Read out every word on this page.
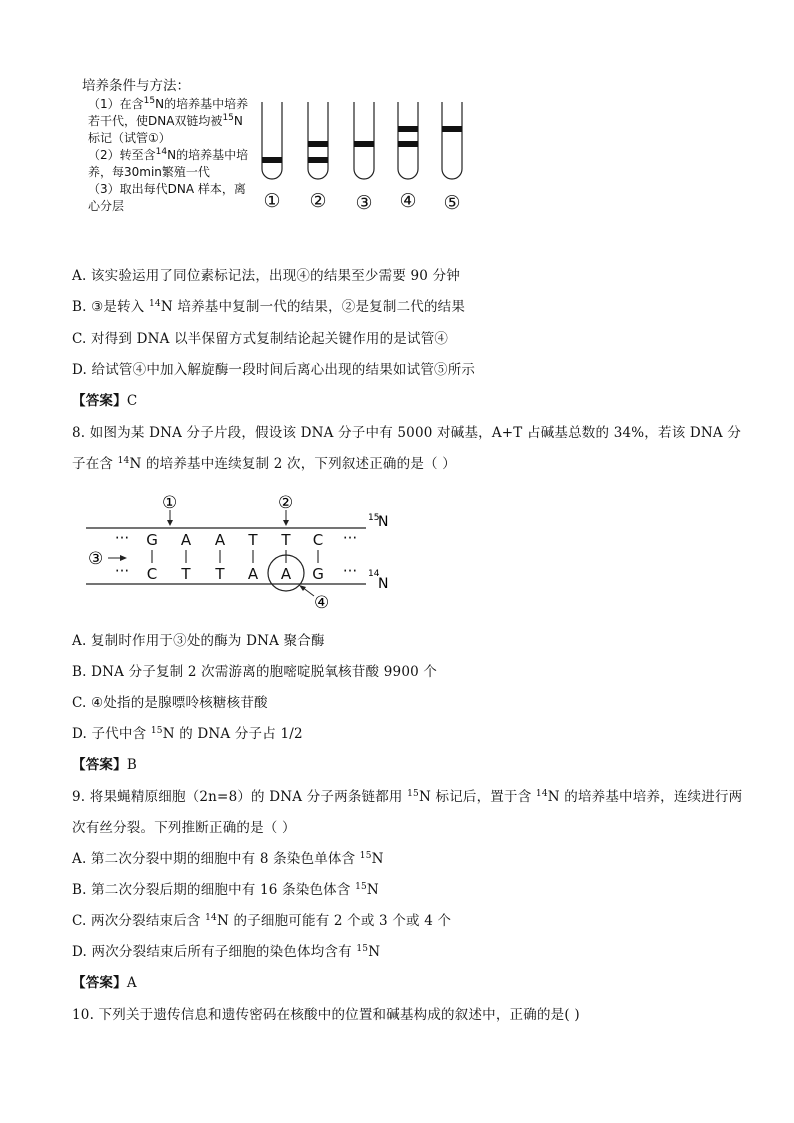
培养条件与方法：
（1）在含$^{15}$N的培养基中培养
若干代，使DNA双链均被$^{15}$N
标记（试管①）
（2）转至含$^{14}$N的培养基中培
养，每30min繁殖一代
（3）取出每代DNA 样本，离
心分层	① ② ③ ④ ⑤
A. 该实验运用了同位素标记法，出现④的结果至少需要 90 分钟
B. ③是转入 $^{14}$N 培养基中复制一代的结果，②是复制二代的结果
C. 对得到 DNA 以半保留方式复制结论起关键作用的是试管④
D. 给试管④中加入解旋酶一段时间后离心出现的结果如试管⑤所示
【答案】C
8. 如图为某 DNA 分子片段，假设该 DNA 分子中有 5000 对碱基，A+T 占碱基总数的 34%，若该 DNA 分
子在含 $^{14}$N 的培养基中连续复制 2 次，下列叙述正确的是（ ）
15
N
14
N
··· G A A T T C ···
··· C T T A A G ···
①	②
③
④
A. 复制时作用于③处的酶为 DNA 聚合酶
B. DNA 分子复制 2 次需游离的胞嘧啶脱氧核苷酸 9900 个
C. ④处指的是腺嘌呤核糖核苷酸
D. 子代中含 $^{15}$N 的 DNA 分子占 1/2
【答案】B
9. 将果蝇精原细胞（2n=8）的 DNA 分子两条链都用 $^{15}$N 标记后，置于含 $^{14}$N 的培养基中培养，连续进行两
次有丝分裂。下列推断正确的是（ ）
A. 第二次分裂中期的细胞中有 8 条染色单体含 $^{15}$N
B. 第二次分裂后期的细胞中有 16 条染色体含 $^{15}$N
C. 两次分裂结束后含 $^{14}$N 的子细胞可能有 2 个或 3 个或 4 个
D. 两次分裂结束后所有子细胞的染色体均含有 $^{15}$N
【答案】A
10. 下列关于遗传信息和遗传密码在核酸中的位置和碱基构成的叙述中，正确的是( )
